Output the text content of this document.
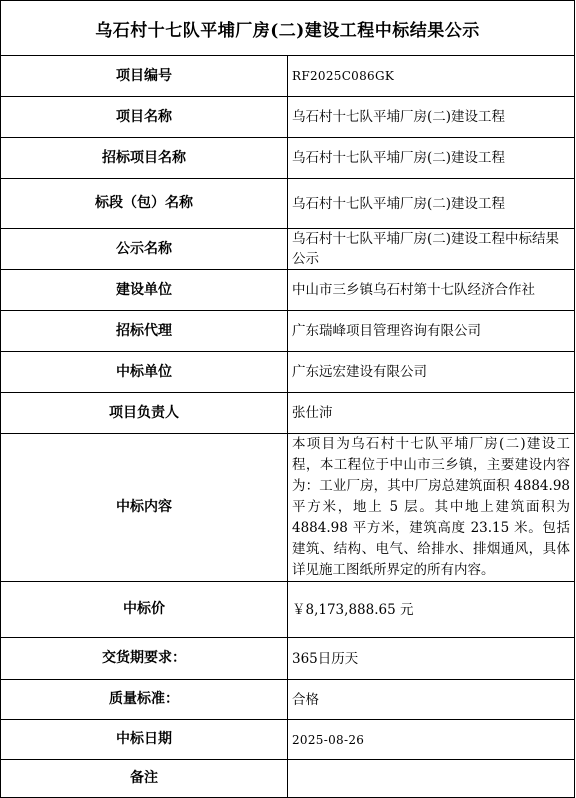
乌石村十七队平埔厂房(二)建设工程中标结果公示	
项目编号	RF2025C086GK
项目名称	乌石村十七队平埔厂房(二)建设工程
招标项目名称	乌石村十七队平埔厂房(二)建设工程
标段（包）名称	乌石村十七队平埔厂房(二)建设工程
公示名称	乌石村十七队平埔厂房(二)建设工程中标结果公示
建设单位	中山市三乡镇乌石村第十七队经济合作社
招标代理	广东瑞峰项目管理咨询有限公司
中标单位	广东远宏建设有限公司
项目负责人	张仕沛
中标内容	本项目为乌石村十七队平埔厂房(二)建设工程，本工程位于中山市三乡镇，主要建设内容为：工业厂房，其中厂房总建筑面积 4884.98 平方米，地上 5 层。其中地上建筑面积为 4884.98 平方米，建筑高度 23.15 米。包括建筑、结构、电气、给排水、排烟通风，具体详见施工图纸所界定的所有内容。
中标价	￥8,173,888.65 元
交货期要求：	365日历天
质量标准：	合格
中标日期	2025-08-26
备注	
